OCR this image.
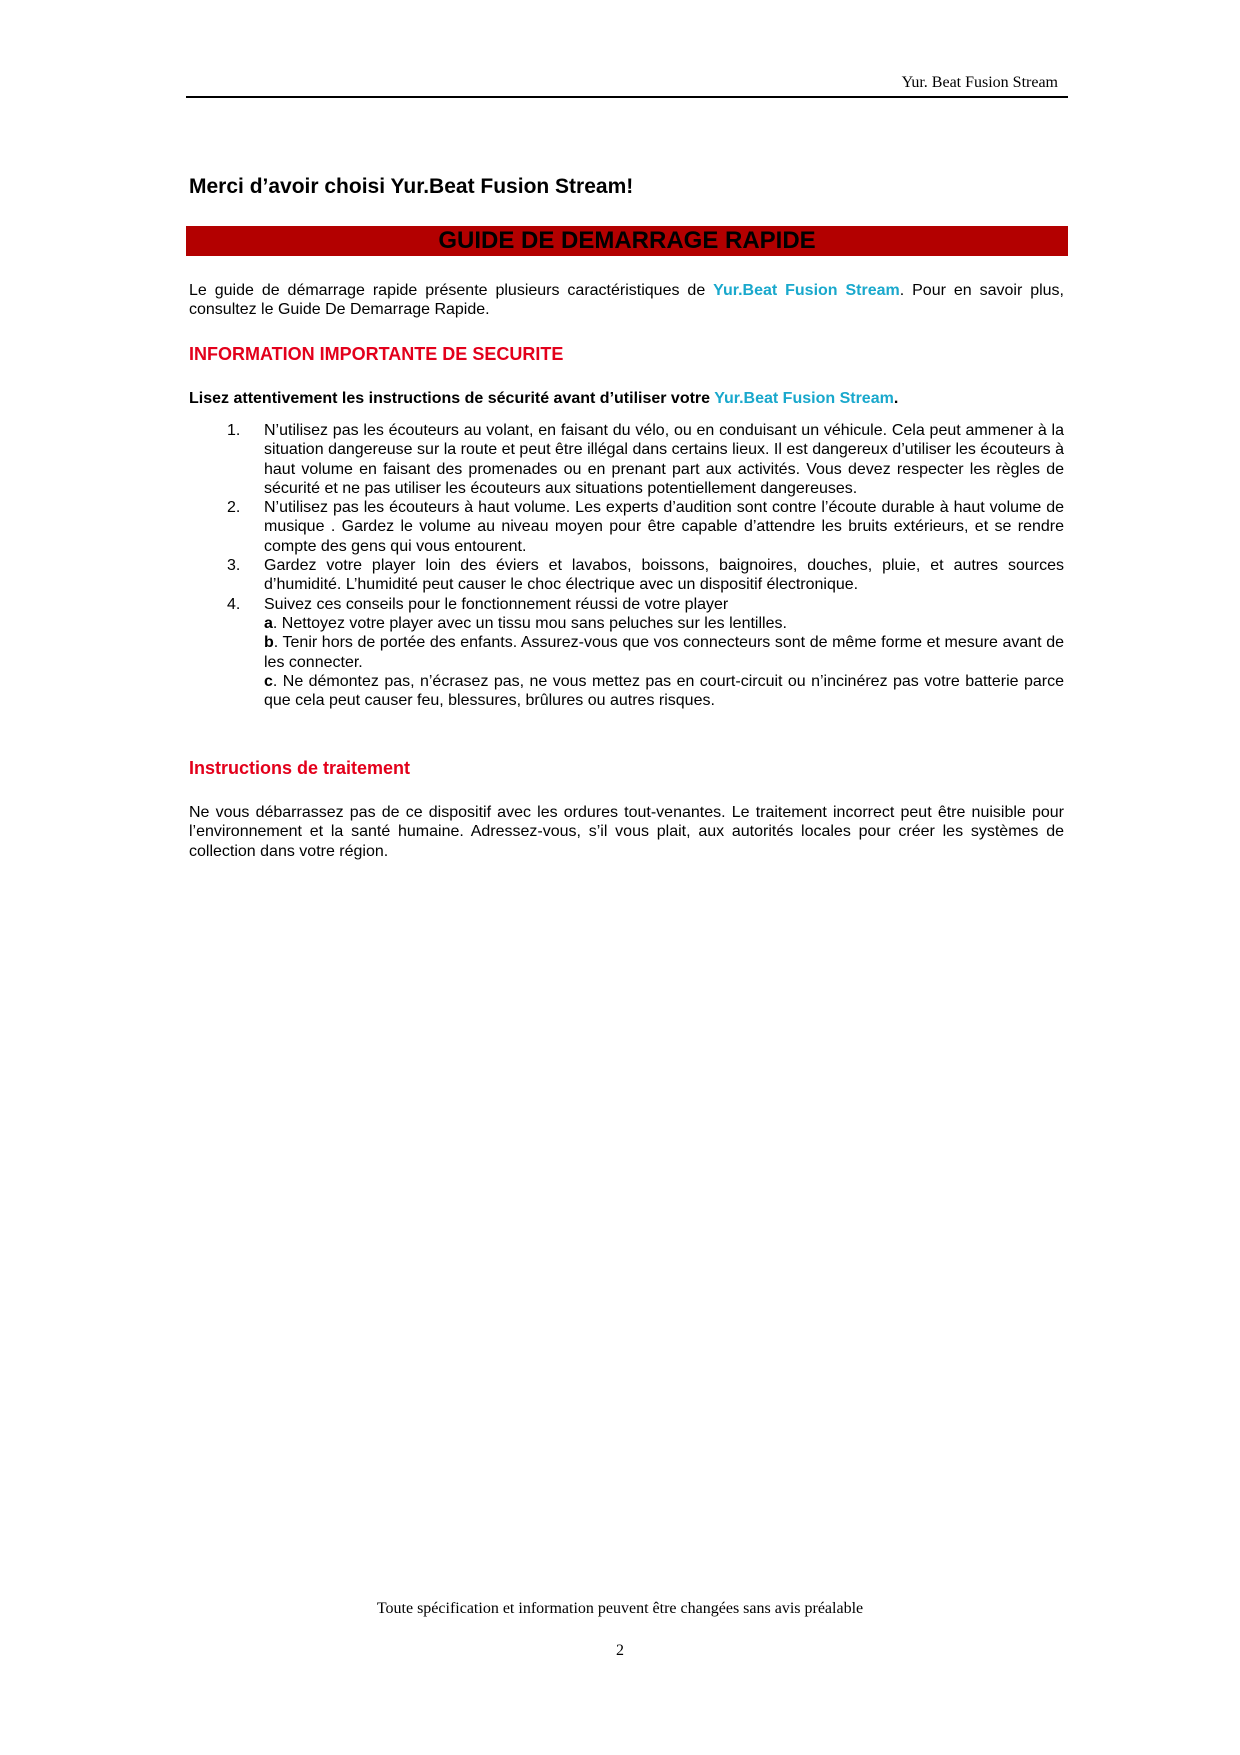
Yur. Beat Fusion Stream
Merci d’avoir choisi Yur.Beat Fusion Stream!
GUIDE DE DEMARRAGE RAPIDE

Le guide de démarrage rapide présente plusieurs caractéristiques de Yur.Beat Fusion Stream. Pour en savoir plus, consultez le Guide De Demarrage Rapide.

INFORMATION IMPORTANTE DE SECURITE

Lisez attentivement les instructions de sécurité avant d’utiliser votre Yur.Beat Fusion Stream.

1. N’utilisez pas les écouteurs au volant, en faisant du vélo, ou en conduisant un véhicule. Cela peut ammener à la situation dangereuse sur la route et peut être illégal dans certains lieux. Il est dangereux d’utiliser les écouteurs à haut volume en faisant des promenades ou en prenant part aux activités. Vous devez respecter les règles de sécurité et ne pas utiliser les écouteurs aux situations potentiellement dangereuses.
2. N’utilisez pas les écouteurs à haut volume. Les experts d’audition sont contre l’écoute durable à haut volume de musique . Gardez le volume au niveau moyen pour être capable d’attendre les bruits extérieurs, et se rendre compte des gens qui vous entourent.
3. Gardez votre player loin des éviers et lavabos, boissons, baignoires, douches, pluie, et autres sources d’humidité. L’humidité peut causer le choc électrique avec un dispositif électronique.
4. Suivez ces conseils pour le fonctionnement réussi de votre player
a. Nettoyez votre player avec un tissu mou sans peluches sur les lentilles.
b. Tenir hors de portée des enfants. Assurez-vous que vos connecteurs sont de même forme et mesure avant de les connecter.
c. Ne démontez pas, n’écrasez pas, ne vous mettez pas en court-circuit ou n’incinérez pas votre batterie parce que cela peut causer feu, blessures, brûlures ou autres risques.
Instructions de traitement

Ne vous débarrassez pas de ce dispositif avec les ordures tout-venantes. Le traitement incorrect peut être nuisible pour l’environnement et la santé humaine. Adressez-vous, s’il vous plait, aux autorités locales pour créer les systèmes de collection dans votre région.

Toute spécification et information peuvent être changées sans avis préalable
2
